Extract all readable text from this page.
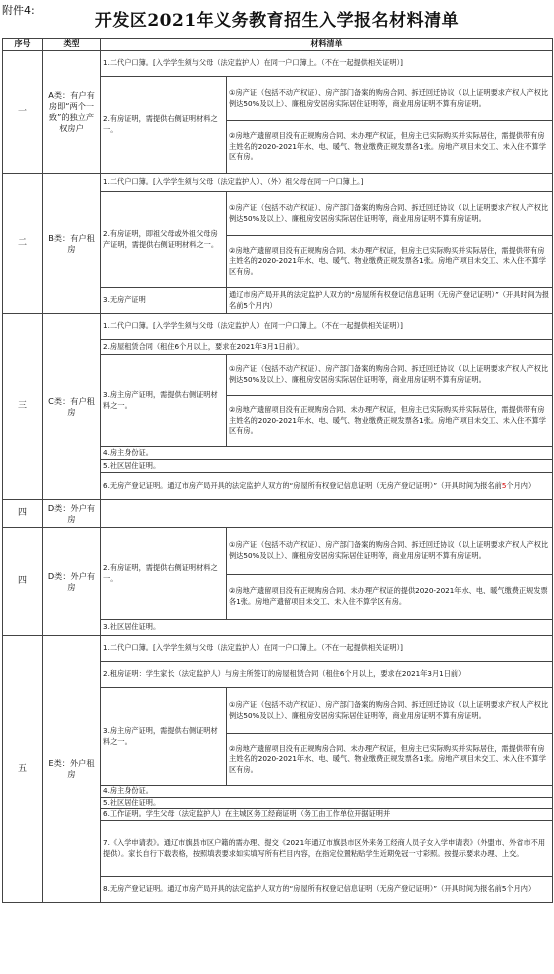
附件4:
开发区2021年义务教育招生入学报名材料清单
序号	类型	材料清单	
一	A类：有户有房即“两个一致”的独立产权房户	1.二代户口簿。[入学学生须与父母（法定监护人）在同一户口簿上。（不在一起提供相关证明）]	
		2.有房证明，需提供右侧证明材料之一。	①房产证（包括不动产权证）、房产部门备案的购房合同、拆迁回迁协议（以上证明要求产权人产权比例达50%及以上）、廉租房安居房实际居住证明等，商业用房证明不算有房证明。
			②房地产遗留项目没有正规购房合同、未办理产权证，但房主已实际购买并实际居住，需提供带有房主姓名的2020-2021年水、电、暖气、物业缴费正规发票各1张。房地产项目未交工、未入住不算学区有房。
二	B类：有户租房	1.二代户口簿。[入学学生须与父母（法定监护人）、（外）祖父母在同一户口簿上。]	
		2.有房证明，即祖父母或外祖父母房产证明，需提供右侧证明材料之一。	①房产证（包括不动产权证）、房产部门备案的购房合同、拆迁回迁协议（以上证明要求产权人产权比例达50%及以上）、廉租房安居房实际居住证明等，商业用房证明不算有房证明。
			②房地产遗留项目没有正规购房合同、未办理产权证，但房主已实际购买并实际居住，需提供带有房主姓名的2020-2021年水、电、暖气、物业缴费正规发票各1张。房地产项目未交工、未入住不算学区有房。
		3.无房产证明	通辽市房产局开具的法定监护人双方的“房屋所有权登记信息证明（无房产登记证明）”（开具时间为报名前5个月内）
三	C类：有户租房	1.二代户口簿。[入学学生须与父母（法定监护人）在同一户口簿上。（不在一起提供相关证明）]	
		2.房屋租赁合同（租住6个月以上，要求在2021年3月1日前）。	
		3.房主房产证明，需提供右侧证明材料之一。	①房产证（包括不动产权证）、房产部门备案的购房合同、拆迁回迁协议（以上证明要求产权人产权比例达50%及以上）、廉租房安居房实际居住证明等，商业用房证明不算有房证明。
			②房地产遗留项目没有正规购房合同、未办理产权证，但房主已实际购买并实际居住，需提供带有房主姓名的2020-2021年水、电、暖气、物业缴费正规发票各1张。房地产项目未交工、未入住不算学区有房。
		4.房主身份证。	
		5.社区居住证明。	
		6.无房产登记证明。通辽市房产局开具的法定监护人双方的“房屋所有权登记信息证明（无房产登记证明）”（开具时间为报名前5个月内）	
四	D类：外户有房		
四	D类：外户有房	2.有房证明，需提供右侧证明材料之一。	①房产证（包括不动产权证）、房产部门备案的购房合同、拆迁回迁协议（以上证明要求产权人产权比例达50%及以上）、廉租房安居房实际居住证明等，商业用房证明不算有房证明。
			②房地产遗留项目没有正规购房合同、未办理产权证的提供2020-2021年水、电、暖气缴费正规发票各1张。房地产遗留项目未交工、未入住不算学区有房。
		3.社区居住证明。	
五	E类：外户租房	1.二代户口簿。[入学学生须与父母（法定监护人）在同一户口簿上。（不在一起提供相关证明）]	
		2.租房证明：学生家长（法定监护人）与房主所签订的房屋租赁合同（租住6个月以上，要求在2021年3月1日前）	
		3.房主房产证明，需提供右侧证明材料之一。	①房产证（包括不动产权证）、房产部门备案的购房合同、拆迁回迁协议（以上证明要求产权人产权比例达50%及以上）、廉租房安居房实际居住证明等，商业用房证明不算有房证明。
			②房地产遗留项目没有正规购房合同、未办理产权证，但房主已实际购买并实际居住，需提供带有房主姓名的2020-2021年水、电、暖气、物业缴费正规发票各1张。房地产项目未交工、未入住不算学区有房。
		4.房主身份证。	
		5.社区居住证明。	
		6.工作证明。学生父母（法定监护人）在主城区务工经商证明（务工由工作单位开据证明并	
		7.《入学申请表》。通辽市旗县市区户籍的需办理、提交《2021年通辽市旗县市区外来务工经商人员子女入学申请表》（外盟市、外省市不用提供）。家长自行下载表格，按照填表要求如实填写所有栏目内容，在指定位置粘贴学生近期免冠一寸彩照。按提示要求办理、上交。	
		8.无房产登记证明。通辽市房产局开具的法定监护人双方的“房屋所有权登记信息证明（无房产登记证明）”（开具时间为报名前5个月内）	
